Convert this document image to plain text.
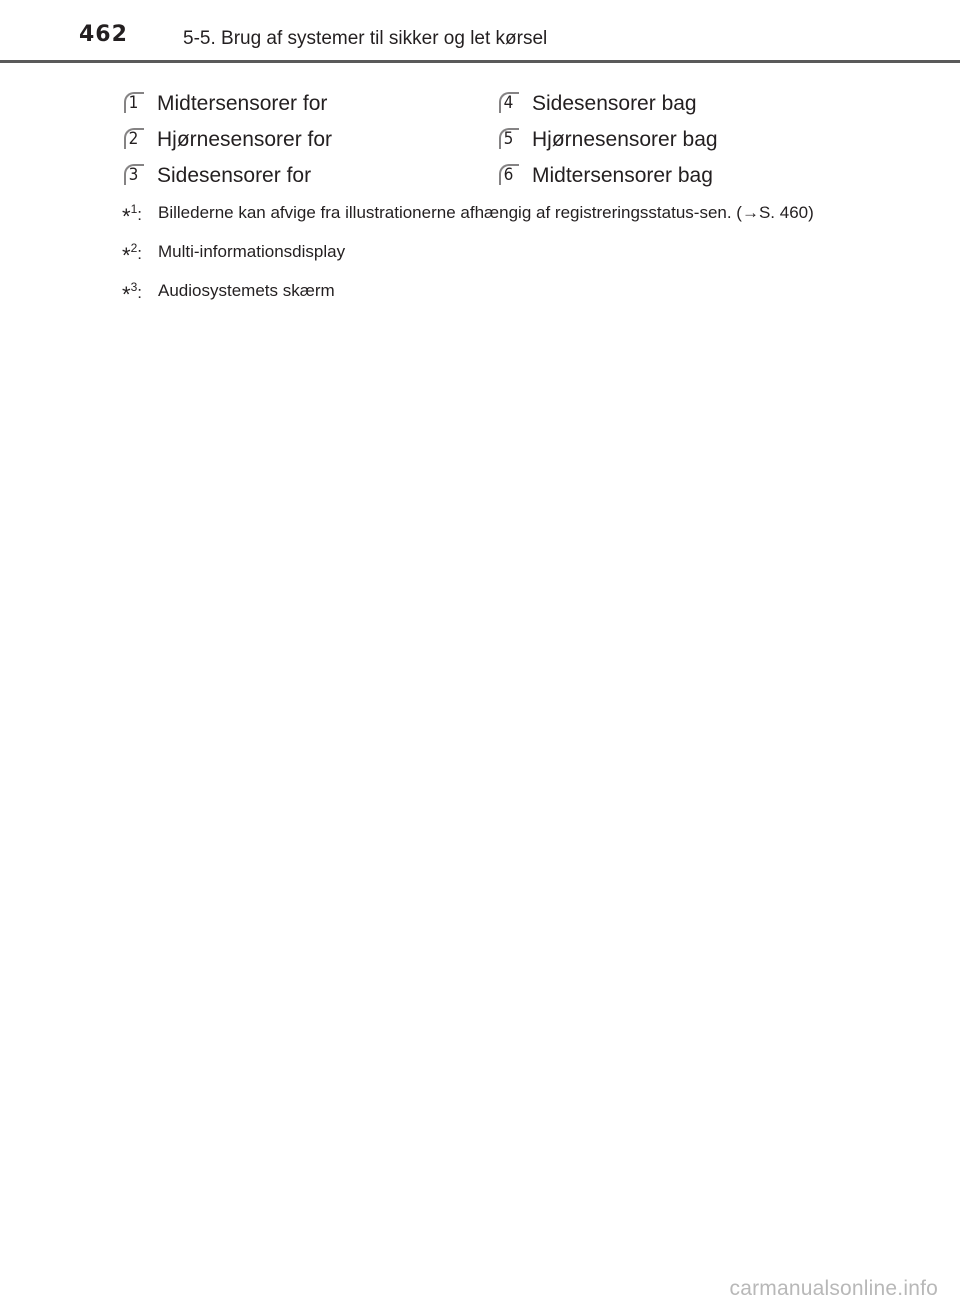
462	5-5. Brug af systemer til sikker og let kørsel
1 Midtersensorer for
2 Hjørnesensorer for
3 Sidesensorer for
4 Sidesensorer bag
5 Hjørnesensorer bag
6 Midtersensorer bag
*$^1$: Billederne kan afvige fra illustrationerne afhængig af registreringsstatus-sen. (→S. 460)
*$^2$: Multi-informationsdisplay
*$^3$: Audiosystemets skærm
carmanualsonline.info
